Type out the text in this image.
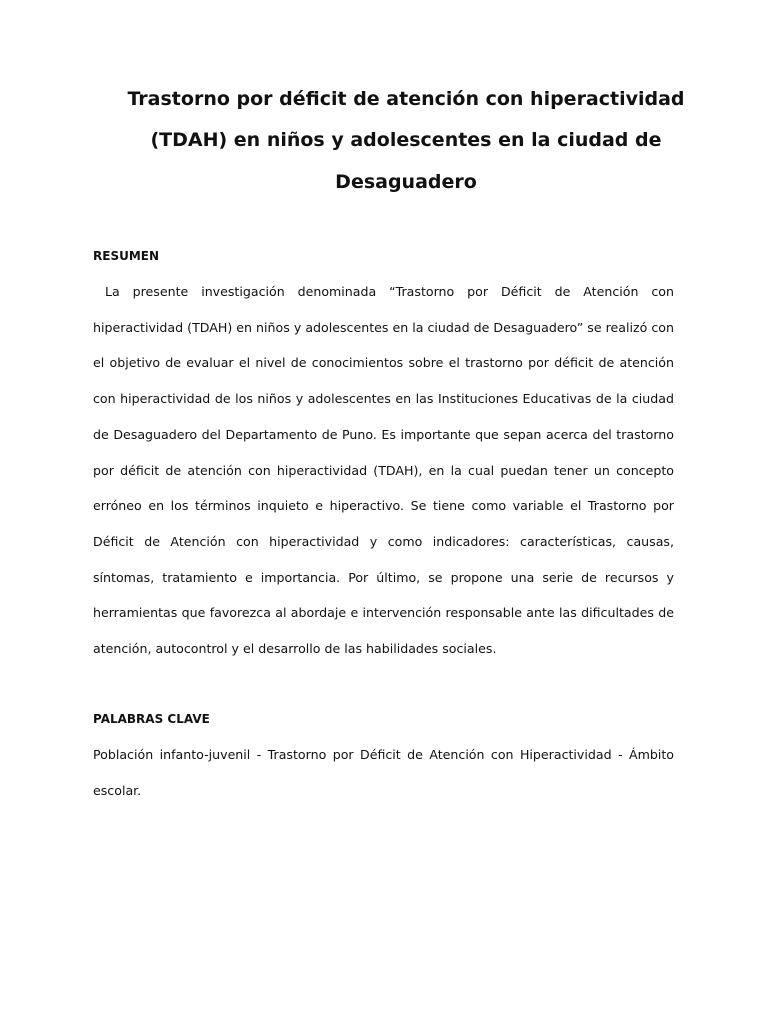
Trastorno por déficit de atención con hiperactividad

(TDAH) en niños y adolescentes en la ciudad de

Desaguadero

RESUMEN

La presente investigación denominada “Trastorno por Déficit de Atención con hiperactividad (TDAH) en niños y adolescentes en la ciudad de Desaguadero” se realizó con el objetivo de evaluar el nivel de conocimientos sobre el trastorno por déficit de atención con hiperactividad de los niños y adolescentes en las Instituciones Educativas de la ciudad de Desaguadero del Departamento de Puno. Es importante que sepan acerca del trastorno por déficit de atención con hiperactividad (TDAH), en la cual puedan tener un concepto erróneo en los términos inquieto e hiperactivo. Se tiene como variable el Trastorno por Déficit de Atención con hiperactividad y como indicadores: características, causas, síntomas, tratamiento e importancia. Por último, se propone una serie de recursos y herramientas que favorezca al abordaje e intervención responsable ante las dificultades de atención, autocontrol y el desarrollo de las habilidades sociales.

PALABRAS CLAVE

Población infanto-juvenil - Trastorno por Déficit de Atención con Hiperactividad - Ámbito escolar.
